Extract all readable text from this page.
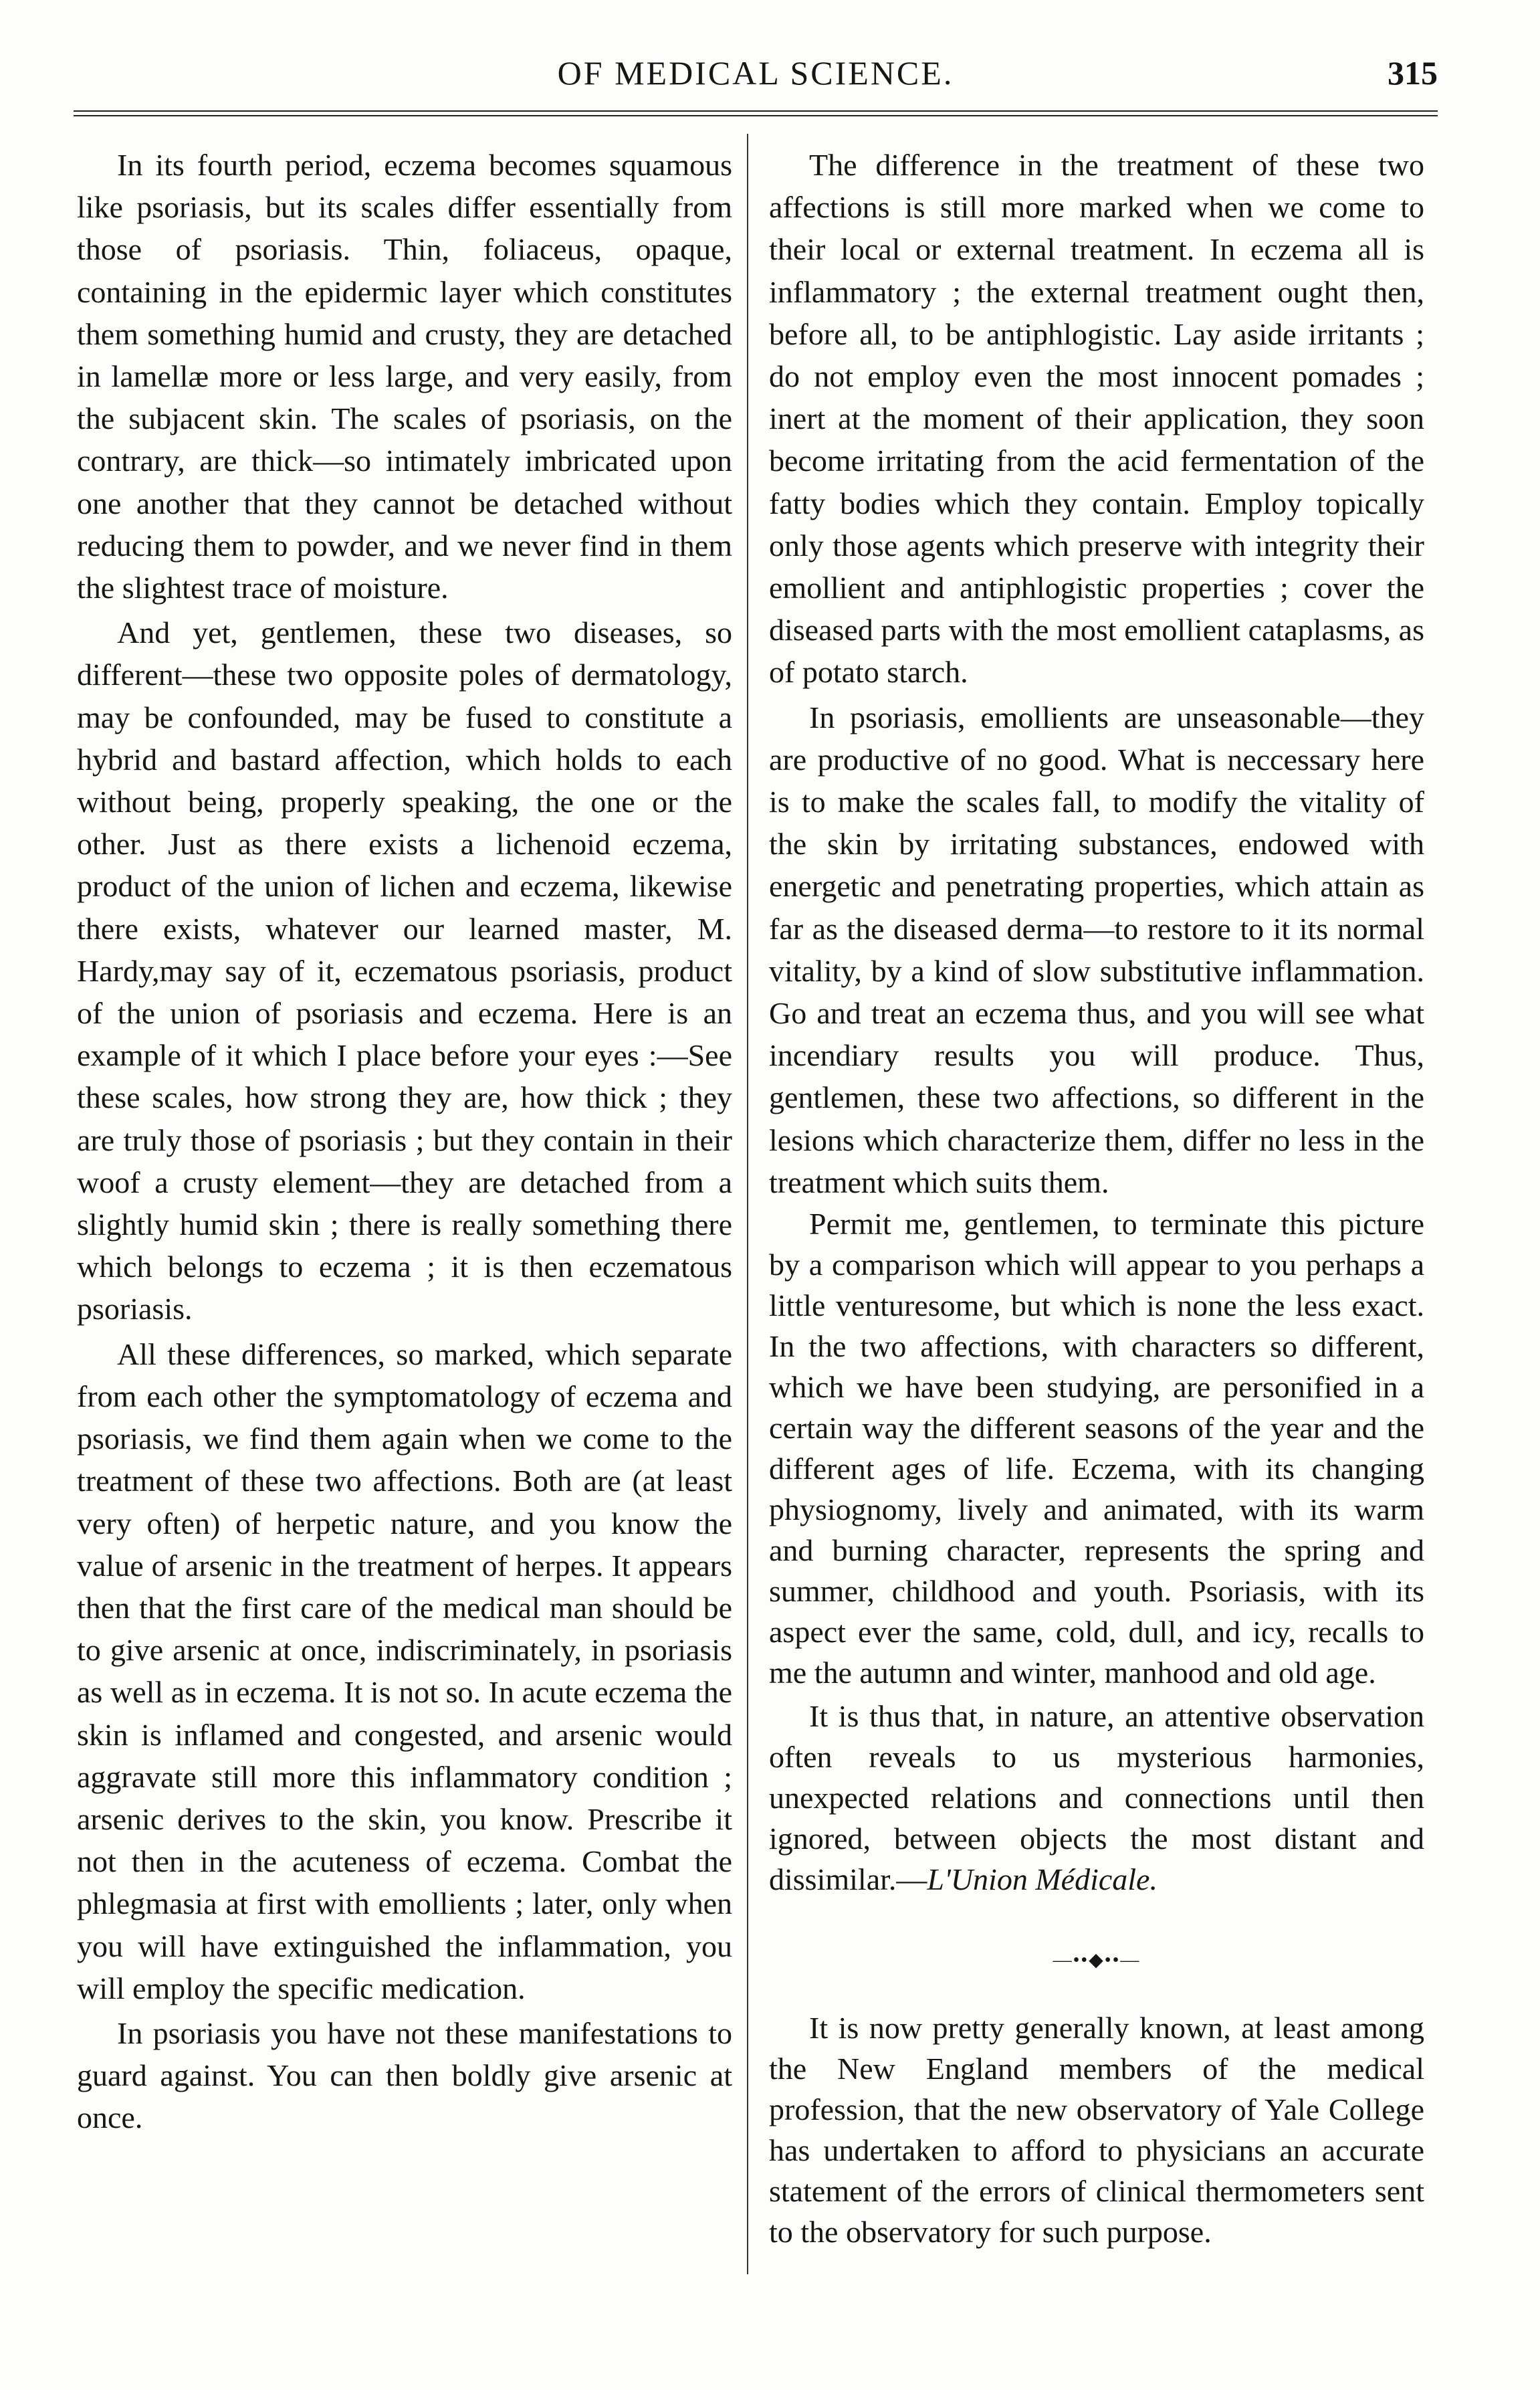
OF MEDICAL SCIENCE.	315

In its fourth period, eczema becomes squamous like psoriasis, but its scales differ essentially from those of psoriasis. Thin, foliaceus, opaque, containing in the epidermic layer which constitutes them something humid and crusty, they are detached in lamellæ more or less large, and very easily, from the subjacent skin. The scales of psoriasis, on the contrary, are thick—so intimately imbricated upon one another that they cannot be detached without reducing them to powder, and we never find in them the slightest trace of moisture.

And yet, gentlemen, these two diseases, so different—these two opposite poles of dermatology, may be confounded, may be fused to constitute a hybrid and bastard affection, which holds to each without being, properly speaking, the one or the other. Just as there exists a lichenoid eczema, product of the union of lichen and eczema, likewise there exists, whatever our learned master, M. Hardy,may say of it, eczematous psoriasis, product of the union of psoriasis and eczema. Here is an example of it which I place before your eyes :—See these scales, how strong they are, how thick ; they are truly those of psoriasis ; but they contain in their woof a crusty element—they are detached from a slightly humid skin ; there is really something there which belongs to eczema ; it is then eczematous psoriasis.

All these differences, so marked, which separate from each other the symptomatology of eczema and psoriasis, we find them again when we come to the treatment of these two affections. Both are (at least very often) of herpetic nature, and you know the value of arsenic in the treatment of herpes. It appears then that the first care of the medical man should be to give arsenic at once, indiscriminately, in psoriasis as well as in eczema. It is not so. In acute eczema the skin is inflamed and congested, and arsenic would aggravate still more this inflammatory condition ; arsenic derives to the skin, you know. Prescribe it not then in the acuteness of eczema. Combat the phlegmasia at first with emollients ; later, only when you will have extinguished the inflammation, you will employ the specific medication.

In psoriasis you have not these manifestations to guard against. You can then boldly give arsenic at once.

The difference in the treatment of these two affections is still more marked when we come to their local or external treatment. In eczema all is inflammatory ; the external treatment ought then, before all, to be antiphlogistic. Lay aside irritants ; do not employ even the most innocent pomades ; inert at the moment of their application, they soon become irritating from the acid fermentation of the fatty bodies which they contain. Employ topically only those agents which preserve with integrity their emollient and antiphlogistic properties ; cover the diseased parts with the most emollient cataplasms, as of potato starch.

In psoriasis, emollients are unseasonable—they are productive of no good. What is neccessary here is to make the scales fall, to modify the vitality of the skin by irritating substances, endowed with energetic and penetrating properties, which attain as far as the diseased derma—to restore to it its normal vitality, by a kind of slow substitutive inflammation. Go and treat an eczema thus, and you will see what incendiary results you will produce. Thus, gentlemen, these two affections, so different in the lesions which characterize them, differ no less in the treatment which suits them.

Permit me, gentlemen, to terminate this picture by a comparison which will appear to you perhaps a little venturesome, but which is none the less exact. In the two affections, with characters so different, which we have been studying, are personified in a certain way the different seasons of the year and the different ages of life. Eczema, with its changing physiognomy, lively and animated, with its warm and burning character, represents the spring and summer, childhood and youth. Psoriasis, with its aspect ever the same, cold, dull, and icy, recalls to me the autumn and winter, manhood and old age.

It is thus that, in nature, an attentive observation often reveals to us mysterious harmonies, unexpected relations and connections until then ignored, between objects the most distant and dissimilar.—L'Union Médicale.

—••◆••—

It is now pretty generally known, at least among the New England members of the medical profession, that the new observatory of Yale College has undertaken to afford to physicians an accurate statement of the errors of clinical thermometers sent to the observatory for such purpose.
